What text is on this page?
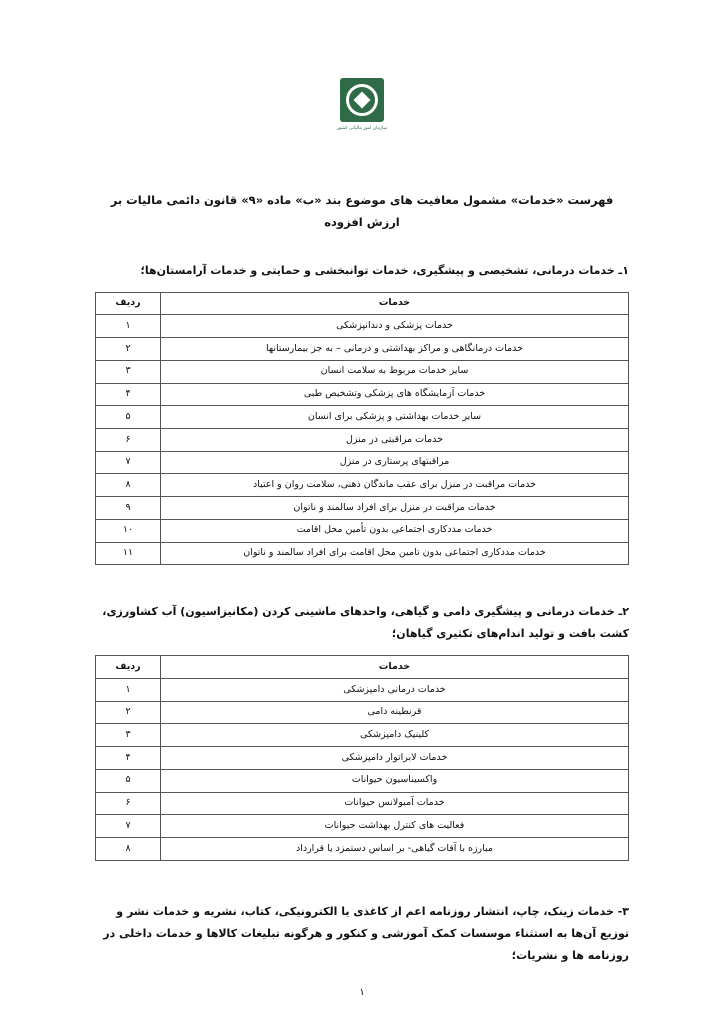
سازمان امور مالیاتی کشور
فهرست «خدمات» مشمول معافیت های موضوع بند «ب» ماده «۹» قانون دائمی مالیات بر ارزش افزوده
۱ـ خدمات درمانی، تشخیصی و پیشگیری، خدمات توانبخشی و حمایتی و خدمات آرامستان‌ها؛
خدمات	ردیف
خدمات پزشکی و دندانپزشکی	۱
خدمات درمانگاهی و مراکز بهداشتی و درمانی – به جز بیمارستانها	۲
سایر خدمات مربوط به سلامت انسان	۳
خدمات آزمایشگاه های پزشکی وتشخیص طبی	۴
سایر خدمات بهداشتی و پزشکی برای انسان	۵
خدمات مراقبتی در منزل	۶
مراقبتهای پرستاری در منزل	۷
خدمات مراقبت در منزل برای عقب ماندگان ذهنی، سلامت روان و اعتیاد	۸
خدمات مراقبت در منزل برای افراد سالمند و ناتوان	۹
خدمات مددکاری اجتماعی بدون تأمین محل اقامت	۱۰
خدمات مددکاری اجتماعی بدون تامین محل اقامت برای افراد سالمند و ناتوان	۱۱
۲ـ خدمات درمانی و پیشگیری دامی و گیاهی، واحدهای ماشینی کردن (مکانیزاسیون) آب کشاورزی، کشت بافت و تولید اندام‌های تکثیری گیاهان؛
خدمات	ردیف
خدمات درمانی دامپزشکی	۱
قرنطینه دامی	۲
کلینیک دامپزشکی	۳
خدمات لابراتوار دامپزشکی	۴
واکسیناسیون حیوانات	۵
خدمات آمبولانس حیوانات	۶
فعالیت های کنترل بهداشت حیوانات	۷
مبارزه با آفات گیاهی- بر اساس دستمزد یا قرارداد	۸
۳- خدمات زینک، چاپ، انتشار روزنامه اعم از کاغذی یا الکترونیکی، کتاب، نشریه و خدمات نشر و توزیع آن‌ها به استثناء موسسات کمک آموزشی و کنکور و هرگونه تبلیغات کالاها و خدمات داخلی در روزنامه ها و نشریات؛
۱
